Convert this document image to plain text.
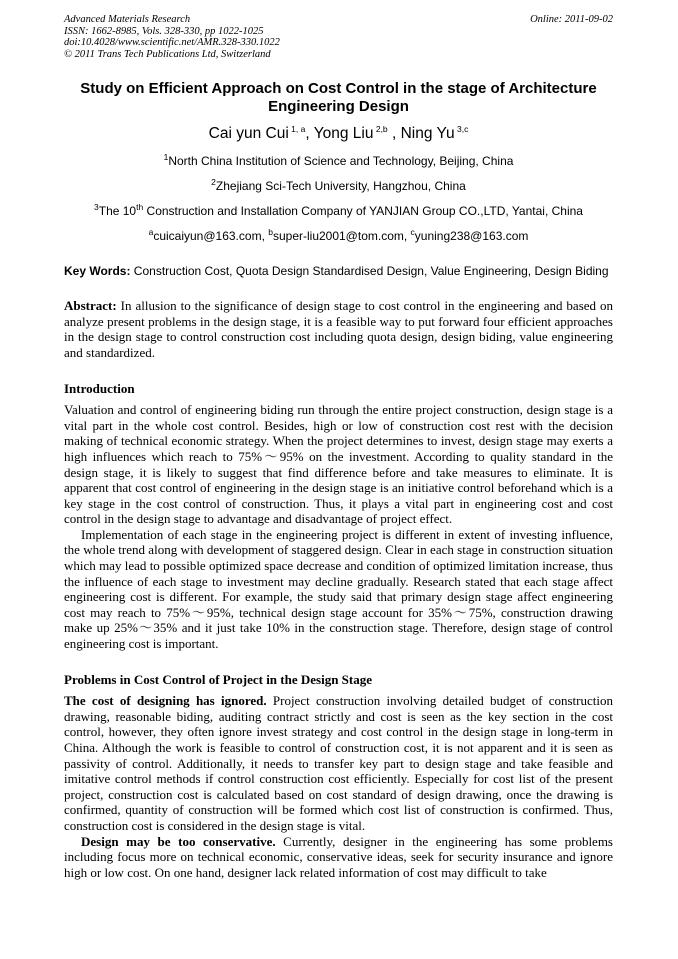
Advanced Materials Research
ISSN: 1662-8985, Vols. 328-330, pp 1022-1025
doi:10.4028/www.scientific.net/AMR.328-330.1022
© 2011 Trans Tech Publications Ltd, Switzerland
Online: 2011-09-02
Study on Efficient Approach on Cost Control in the stage of Architecture Engineering Design
Cai yun Cui $^{1, a}$, Yong Liu $^{2,b}$ , Ning Yu $^{3,c}$
$^1$North China Institution of Science and Technology, Beijing, China
$^2$Zhejiang Sci-Tech University, Hangzhou, China
$^3$The 10th Construction and Installation Company of YANJIAN Group CO.,LTD, Yantai, China
$^a$cuicaiyun@163.com, $^b$super-liu2001@tom.com, $^c$yuning238@163.com
Key Words: Construction Cost, Quota Design Standardised Design, Value Engineering, Design Biding

Abstract: In allusion to the significance of design stage to cost control in the engineering and based on analyze present problems in the design stage, it is a feasible way to put forward four efficient approaches in the design stage to control construction cost including quota design, design biding, value engineering and standardized.

Introduction

Valuation and control of engineering biding run through the entire project construction, design stage is a vital part in the whole cost control. Besides, high or low of construction cost rest with the decision making of technical economic strategy. When the project determines to invest, design stage may exerts a high influences which reach to 75%～95% on the investment. According to quality standard in the design stage, it is likely to suggest that find difference before and take measures to eliminate. It is apparent that cost control of engineering in the design stage is an initiative control beforehand which is a key stage in the cost control of construction. Thus, it plays a vital part in engineering cost and cost control in the design stage to advantage and disadvantage of project effect.

Implementation of each stage in the engineering project is different in extent of investing influence, the whole trend along with development of staggered design. Clear in each stage in construction situation which may lead to possible optimized space decrease and condition of optimized limitation increase, thus the influence of each stage to investment may decline gradually. Research stated that each stage affect engineering cost is different. For example, the study said that primary design stage affect engineering cost may reach to 75%～95%, technical design stage account for 35%～75%, construction drawing make up 25%～35% and it just take 10% in the construction stage. Therefore, design stage of control engineering cost is important.

Problems in Cost Control of Project in the Design Stage

The cost of designing has ignored. Project construction involving detailed budget of construction drawing, reasonable biding, auditing contract strictly and cost is seen as the key section in the cost control, however, they often ignore invest strategy and cost control in the design stage in long-term in China. Although the work is feasible to control of construction cost, it is not apparent and it is seen as passivity of control. Additionally, it needs to transfer key part to design stage and take feasible and imitative control methods if control construction cost efficiently. Especially for cost list of the present project, construction cost is calculated based on cost standard of design drawing, once the drawing is confirmed, quantity of construction will be formed which cost list of construction is confirmed. Thus, construction cost is considered in the design stage is vital.

Design may be too conservative. Currently, designer in the engineering has some problems including focus more on technical economic, conservative ideas, seek for security insurance and ignore high or low cost. On one hand, designer lack related information of cost may difficult to take
